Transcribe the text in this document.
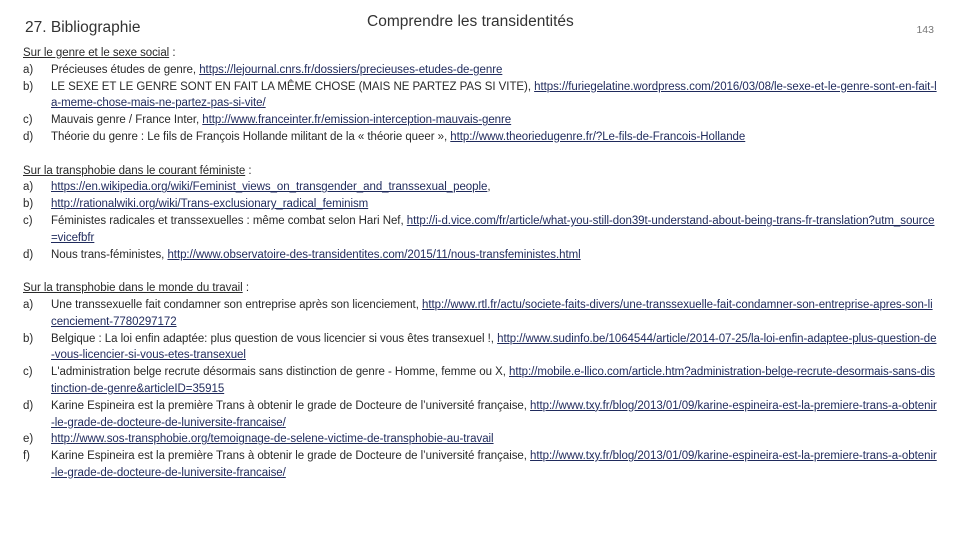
27. Bibliographie	Comprendre les transidentités	143
Sur le genre et le sexe social :
a)	Précieuses études de genre, https://lejournal.cnrs.fr/dossiers/precieuses-etudes-de-genre
b)	LE SEXE ET LE GENRE SONT EN FAIT LA MÊME CHOSE (MAIS NE PARTEZ PAS SI VITE), https://furiegelatine.wordpress.com/2016/03/08/le-sexe-et-le-genre-sont-en-fait-la-meme-chose-mais-ne-partez-pas-si-vite/
c)	Mauvais genre / France Inter, http://www.franceinter.fr/emission-interception-mauvais-genre
d)	Théorie du genre : Le fils de François Hollande militant de la « théorie queer », http://www.theoriedugenre.fr/?Le-fils-de-Francois-Hollande
Sur la transphobie dans le courant féministe :
a)	https://en.wikipedia.org/wiki/Feminist_views_on_transgender_and_transsexual_people,
b)	http://rationalwiki.org/wiki/Trans-exclusionary_radical_feminism
c)	Féministes radicales et transsexuelles : même combat selon Hari Nef, http://i-d.vice.com/fr/article/what-you-still-don39t-understand-about-being-trans-fr-translation?utm_source=vicefbfr
d)	Nous trans-féministes, http://www.observatoire-des-transidentites.com/2015/11/nous-transfeministes.html
Sur la transphobie dans le monde du travail :
a)	Une transsexuelle fait condamner son entreprise après son licenciement, http://www.rtl.fr/actu/societe-faits-divers/une-transsexuelle-fait-condamner-son-entreprise-apres-son-licenciement-7780297172
b)	Belgique : La loi enfin adaptée: plus question de vous licencier si vous êtes transexuel !, http://www.sudinfo.be/1064544/article/2014-07-25/la-loi-enfin-adaptee-plus-question-de-vous-licencier-si-vous-etes-transexuel
c)	L'administration belge recrute désormais sans distinction de genre - Homme, femme ou X, http://mobile.e-llico.com/article.htm?administration-belge-recrute-desormais-sans-distinction-de-genre&articleID=35915
d)	Karine Espineira est la première Trans à obtenir le grade de Docteure de l’université française, http://www.txy.fr/blog/2013/01/09/karine-espineira-est-la-premiere-trans-a-obtenir-le-grade-de-docteure-de-luniversite-francaise/
e)	http://www.sos-transphobie.org/temoignage-de-selene-victime-de-transphobie-au-travail
f)	Karine Espineira est la première Trans à obtenir le grade de Docteure de l’université française, http://www.txy.fr/blog/2013/01/09/karine-espineira-est-la-premiere-trans-a-obtenir-le-grade-de-docteure-de-luniversite-francaise/
